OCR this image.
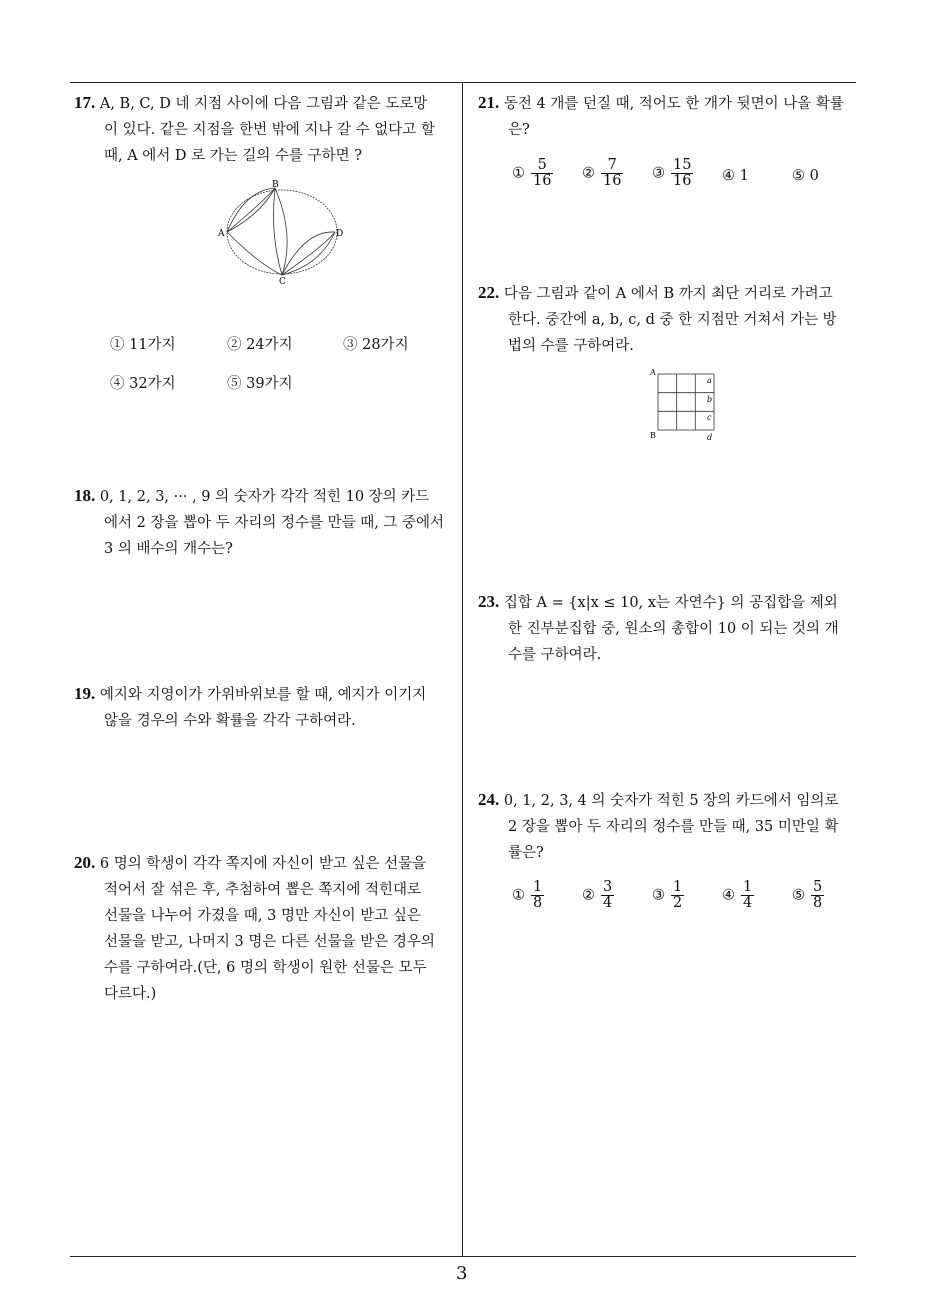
17. A, B, C, D 네 지점 사이에 다음 그림과 같은 도로망
이 있다. 같은 지점을 한번 밖에 지나 갈 수 없다고 할
때, A 에서 D 로 가는 길의 수를 구하면 ?
A
B
C
D
① 11가지	② 24가지	③ 28가지
④ 32가지	⑤ 39가지
18. 0, 1, 2, 3, ··· , 9 의 숫자가 각각 적힌 10 장의 카드
에서 2 장을 뽑아 두 자리의 정수를 만들 때, 그 중에서
3 의 배수의 개수는?
19. 예지와 지영이가 가위바위보를 할 때, 예지가 이기지
않을 경우의 수와 확률을 각각 구하여라.
20. 6 명의 학생이 각각 쪽지에 자신이 받고 싶은 선물을
적어서 잘 섞은 후, 추첨하여 뽑은 쪽지에 적힌대로
선물을 나누어 가졌을 때, 3 명만 자신이 받고 싶은
선물을 받고, 나머지 3 명은 다른 선물을 받은 경우의
수를 구하여라.(단, 6 명의 학생이 원한 선물은 모두
다르다.)
21. 동전 4 개를 던질 때, 적어도 한 개가 뒷면이 나올 확률
은?
① $\frac{5}{16}$ ② $\frac{7}{16}$ ③ $\frac{15}{16}$ ④ 1	⑤ 0
22. 다음 그림과 같이 A 에서 B 까지 최단 거리로 가려고
한다. 중간에 a, b, c, d 중 한 지점만 거쳐서 가는 방
법의 수를 구하여라.
A
B
a
b
c
d
23. 집합 A = {x|x ≤ 10, x는 자연수} 의 공집합을 제외
한 진부분집합 중, 원소의 총합이 10 이 되는 것의 개
수를 구하여라.
24. 0, 1, 2, 3, 4 의 숫자가 적힌 5 장의 카드에서 임의로
2 장을 뽑아 두 자리의 정수를 만들 때, 35 미만일 확
률은?
① $\frac{1}{8}$	② $\frac{3}{4}$	③ $\frac{1}{2}$	④ $\frac{1}{4}$	⑤ $\frac{5}{8}$
3
